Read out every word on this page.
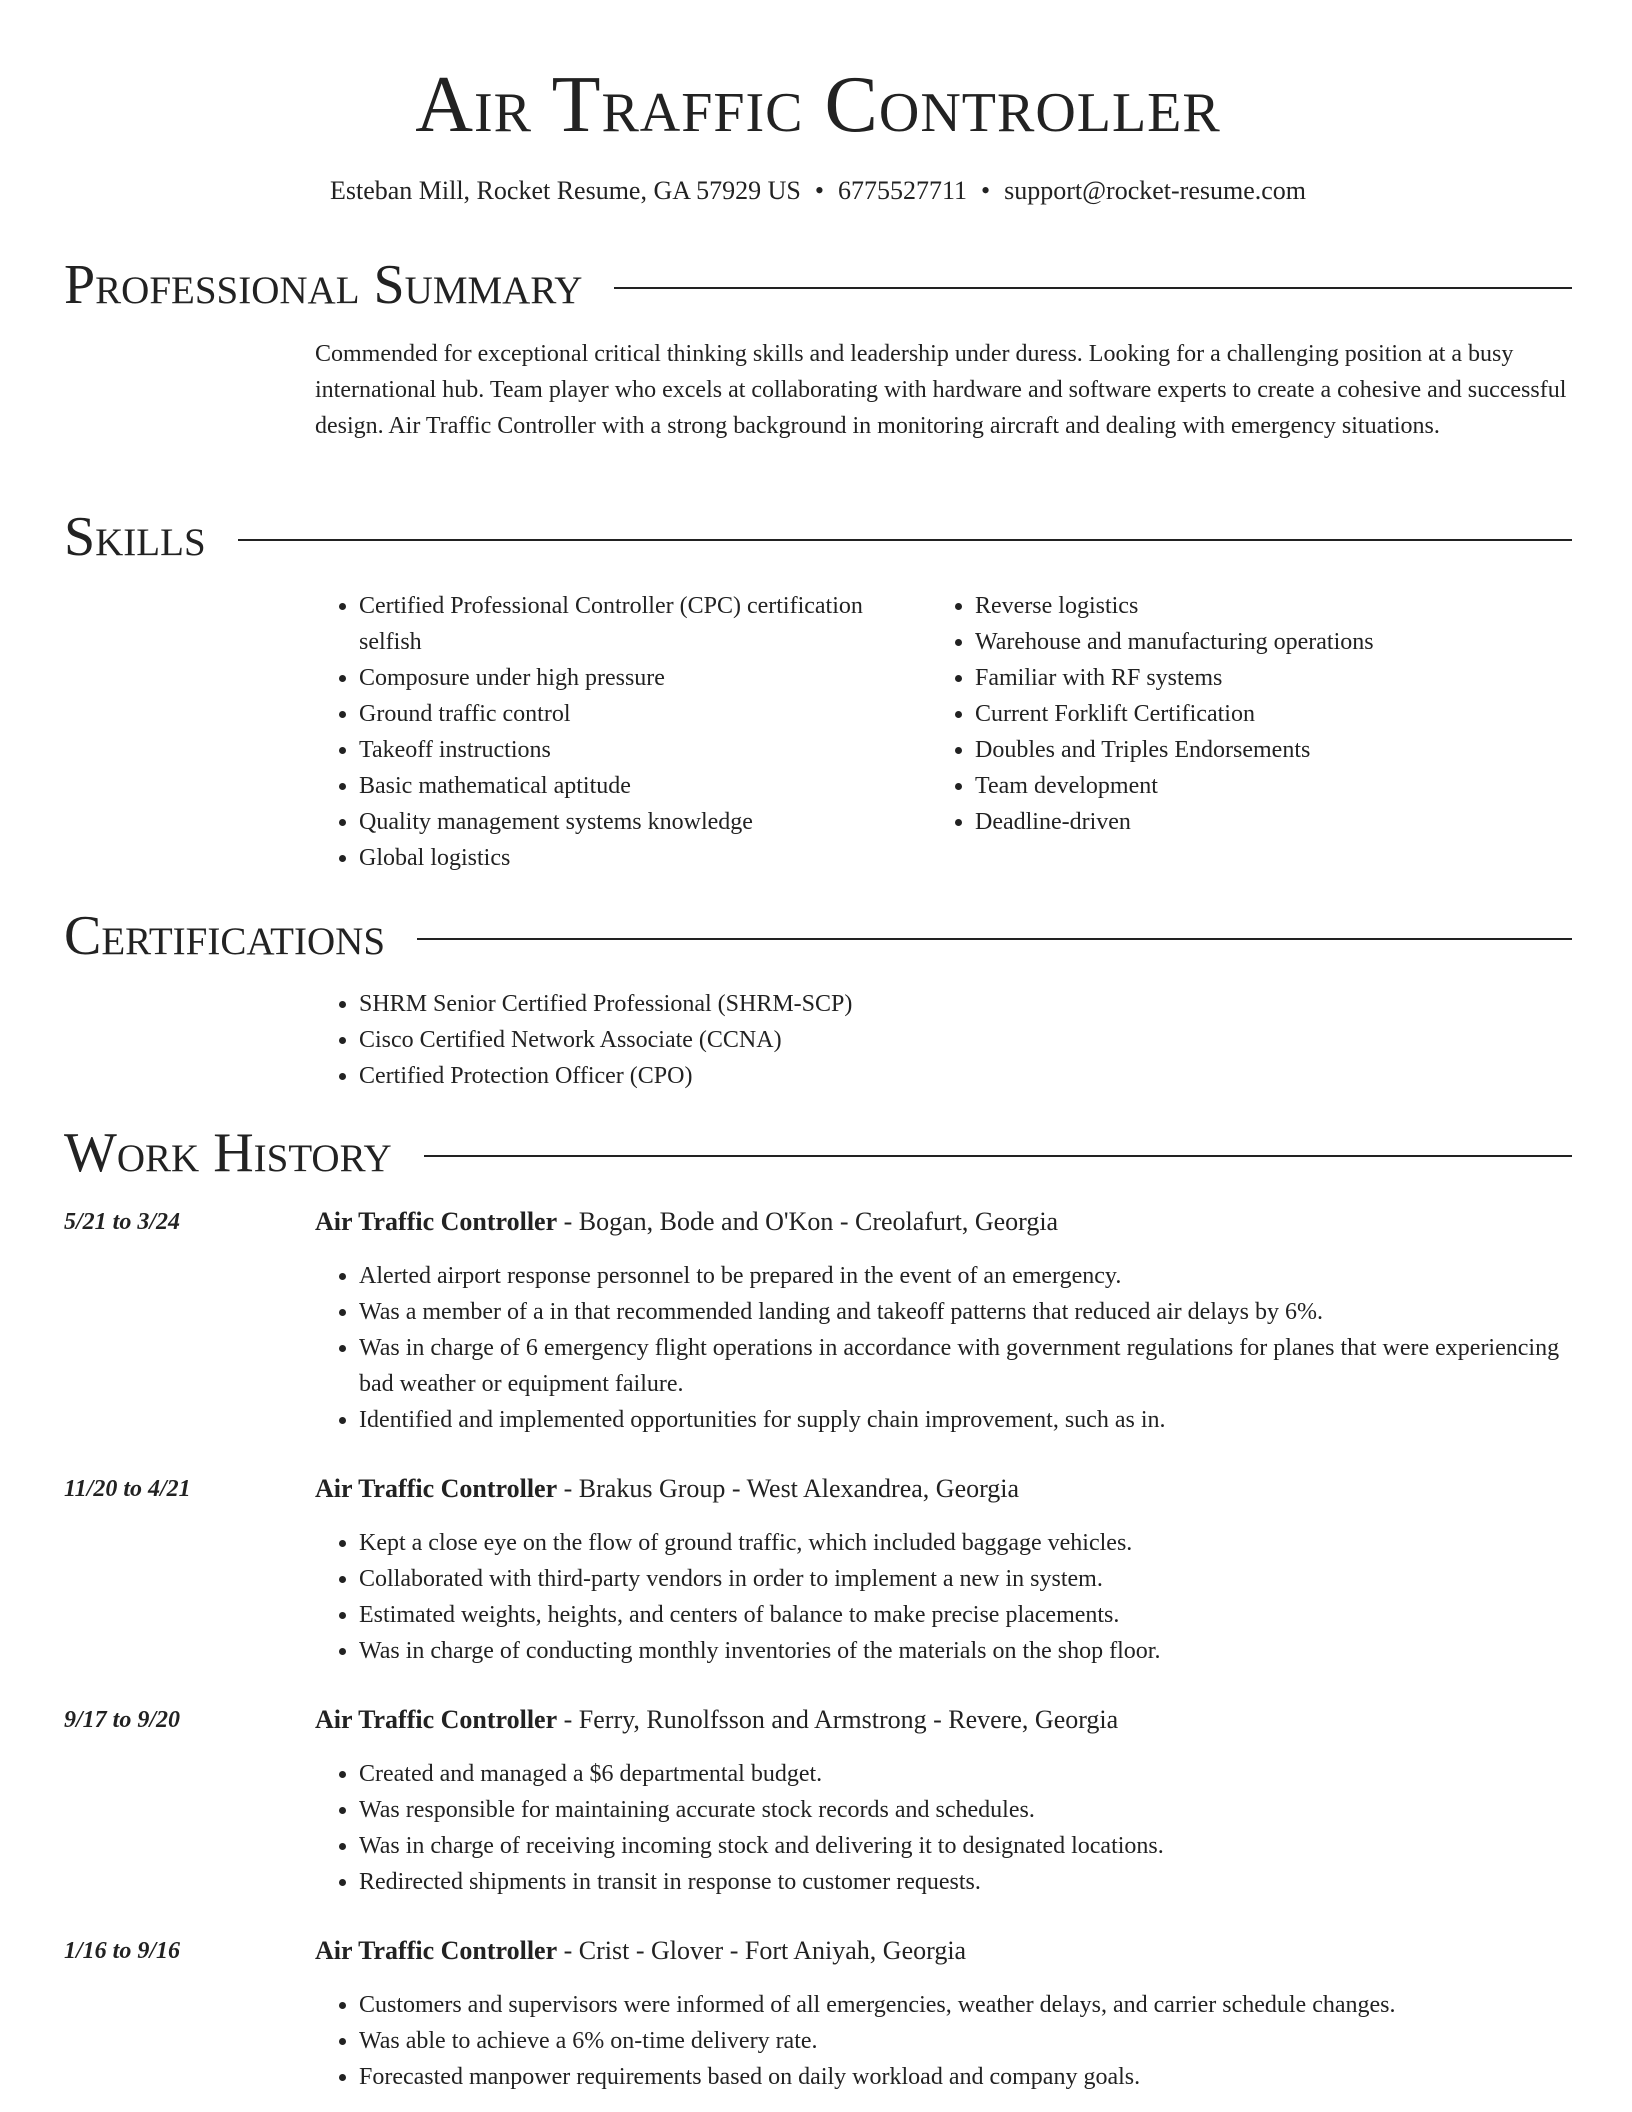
Air Traffic Controller
Esteban Mill, Rocket Resume, GA 57929 US • 6775527711 • support@rocket-resume.com
Professional Summary
Commended for exceptional critical thinking skills and leadership under duress. Looking for a challenging position at a busy international hub. Team player who excels at collaborating with hardware and software experts to create a cohesive and successful design. Air Traffic Controller with a strong background in monitoring aircraft and dealing with emergency situations.
Skills
• Certified Professional Controller (CPC) certification selfish
• Composure under high pressure
• Ground traffic control
• Takeoff instructions
• Basic mathematical aptitude
• Quality management systems knowledge
• Global logistics
• Reverse logistics
• Warehouse and manufacturing operations
• Familiar with RF systems
• Current Forklift Certification
• Doubles and Triples Endorsements
• Team development
• Deadline-driven
Certifications
• SHRM Senior Certified Professional (SHRM-SCP)
• Cisco Certified Network Associate (CCNA)
• Certified Protection Officer (CPO)
Work History
5/21 to 3/24	Air Traffic Controller - Bogan, Bode and O'Kon - Creolafurt, Georgia
• Alerted airport response personnel to be prepared in the event of an emergency.
• Was a member of a in that recommended landing and takeoff patterns that reduced air delays by 6%.
• Was in charge of 6 emergency flight operations in accordance with government regulations for planes that were experiencing bad weather or equipment failure.
• Identified and implemented opportunities for supply chain improvement, such as in.
11/20 to 4/21	Air Traffic Controller - Brakus Group - West Alexandrea, Georgia
• Kept a close eye on the flow of ground traffic, which included baggage vehicles.
• Collaborated with third-party vendors in order to implement a new in system.
• Estimated weights, heights, and centers of balance to make precise placements.
• Was in charge of conducting monthly inventories of the materials on the shop floor.
9/17 to 9/20	Air Traffic Controller - Ferry, Runolfsson and Armstrong - Revere, Georgia
• Created and managed a $6 departmental budget.
• Was responsible for maintaining accurate stock records and schedules.
• Was in charge of receiving incoming stock and delivering it to designated locations.
• Redirected shipments in transit in response to customer requests.
1/16 to 9/16	Air Traffic Controller - Crist - Glover - Fort Aniyah, Georgia
• Customers and supervisors were informed of all emergencies, weather delays, and carrier schedule changes.
• Was able to achieve a 6% on-time delivery rate.
• Forecasted manpower requirements based on daily workload and company goals.
